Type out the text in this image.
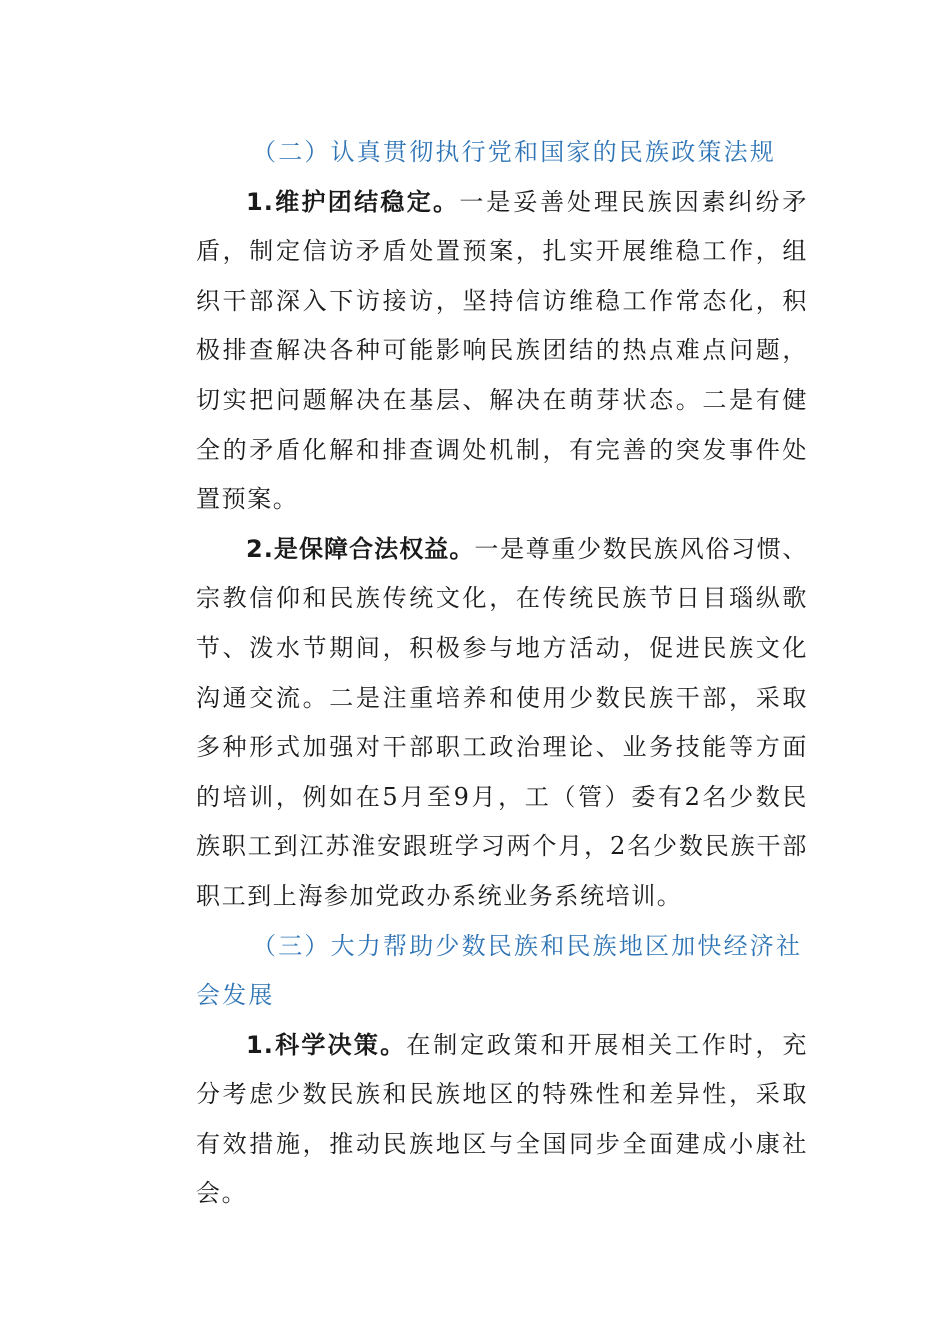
（二）认真贯彻执行党和国家的民族政策法规

1.维护团结稳定。一是妥善处理民族因素纠纷矛盾，制定信访矛盾处置预案，扎实开展维稳工作，组织干部深入下访接访，坚持信访维稳工作常态化，积极排查解决各种可能影响民族团结的热点难点问题，切实把问题解决在基层、解决在萌芽状态。二是有健全的矛盾化解和排查调处机制，有完善的突发事件处置预案。

2.是保障合法权益。一是尊重少数民族风俗习惯、宗教信仰和民族传统文化，在传统民族节日目瑙纵歌节、泼水节期间，积极参与地方活动，促进民族文化沟通交流。二是注重培养和使用少数民族干部，采取多种形式加强对干部职工政治理论、业务技能等方面的培训，例如在5月至9月，工（管）委有2名少数民族职工到江苏淮安跟班学习两个月，2名少数民族干部职工到上海参加党政办系统业务系统培训。

（三）大力帮助少数民族和民族地区加快经济社会发展

1.科学决策。在制定政策和开展相关工作时，充分考虑少数民族和民族地区的特殊性和差异性，采取有效措施，推动民族地区与全国同步全面建成小康社会。
